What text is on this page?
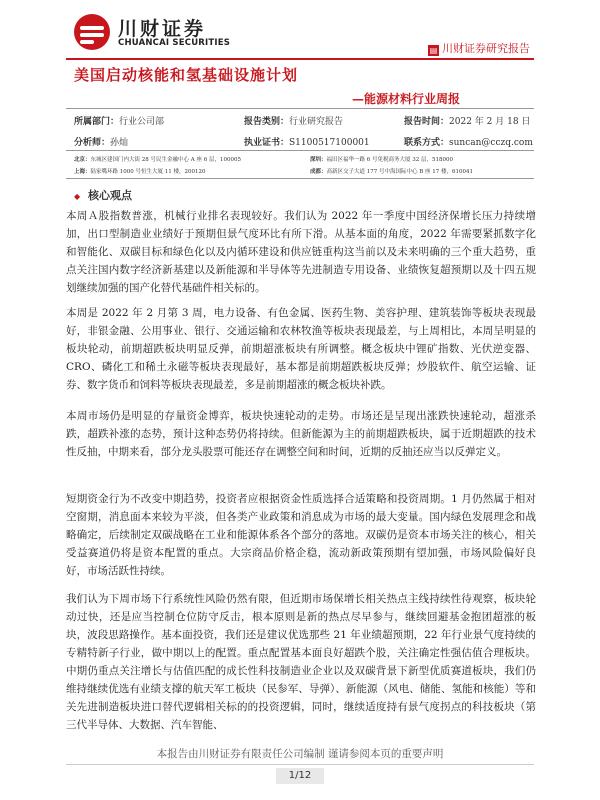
川财证券
CHUANCAI SECURITIES
▤ 川财证券研究报告
美国启动核能和氢基础设施计划
—能源材料行业周报
所属部门：行业公司部	报告类别：行业研究报告	报告时间：2022 年 2 月 18 日
分析师：孙灿	执业证书：S1100517100001	联系方式：suncan@cczq.com
北京：东城区建国门内大街 28 号民生金融中心 A 座 6 层，100005	深圳：福田区福华一路 6 号免税商务大厦 32 层，518000
上海：陆家嘴环路 1000 号恒生大厦 11 楼，200120	成都：高新区交子大道 177 号中海国际中心 B 座 17 楼，610041
◆ 核心观点
本周Ａ股指数普涨，机械行业排名表现较好。我们认为 2022 年一季度中国经济保增长压力持续增加，出口型制造业业绩好于预期但景气度环比有所下滑。从基本面的角度，2022 年需要紧抓数字化和智能化、双碳目标和绿色化以及内循环建设和供应链重构这当前以及未来明确的三个重大趋势，重点关注国内数字经济新基建以及新能源和半导体等先进制造专用设备、业绩恢复超预期以及十四五规划继续加强的国产化替代基础件相关标的。
本周是 2022 年 2 月第 3 周，电力设备、有色金属、医药生物、美容护理、建筑装饰等板块表现最好，非银金融、公用事业、银行、交通运输和农林牧渔等板块表现最差，与上周相比，本周呈明显的板块轮动，前期超跌板块明显反弹，前期超涨板块有所调整。概念板块中锂矿指数、光伏逆变器、CRO、磷化工和稀土永磁等板块表现最好，基本都是前期超跌板块反弹；炒股软件、航空运输、证券、数字货币和饲料等板块表现最差，多是前期超涨的概念板块补跌。
本周市场仍是明显的存量资金博弈，板块快速轮动的走势。市场还是呈现出涨跌快速轮动，超涨杀跌，超跌补涨的态势，预计这种态势仍将持续。但新能源为主的前期超跌板块，属于近期超跌的技术性反抽，中期来看，部分龙头股票可能还存在调整空间和时间，近期的反抽还应当以反弹定义。
短期资金行为不改变中期趋势，投资者应根据资金性质选择合适策略和投资周期。1 月仍然属于相对空窗期，消息面本来较为平淡，但各类产业政策和消息成为市场的最大变量。国内绿色发展理念和战略确定，后续制定双碳战略在工业和能源体系各个部分的落地。双碳仍是资本市场关注的核心，相关受益赛道仍将是资本配置的重点。大宗商品价格企稳，流动新政策预期有望加强，市场风险偏好良好，市场活跃性持续。
我们认为下周市场下行系统性风险仍然有限，但近期市场保增长相关热点主线持续性待观察，板块轮动过快，还是应当控制仓位防守反击，根本原则是新的热点尽早参与，继续回避基金抱团超涨的板块，波段思路操作。基本面投资，我们还是建议优选那些 21 年业绩超预期，22 年行业景气度持续的专精特新子行业，做中期以上的配置。重点配置基本面良好超跌个股，关注确定性强估值合理板块。中期仍重点关注增长与估值匹配的成长性科技制造业企业以及双碳背景下新型优质赛道板块，我们仍维持继续优选有业绩支撑的航天军工板块（民参军、导弹）、新能源（风电、储能、氢能和核能）等和关先进制造板块进口替代逻辑相关标的的投资逻辑，同时，继续适度持有景气度拐点的科技板块（第三代半导体、大数据、汽车智能、
本报告由川财证券有限责任公司编制 谨请参阅本页的重要声明
1/12
